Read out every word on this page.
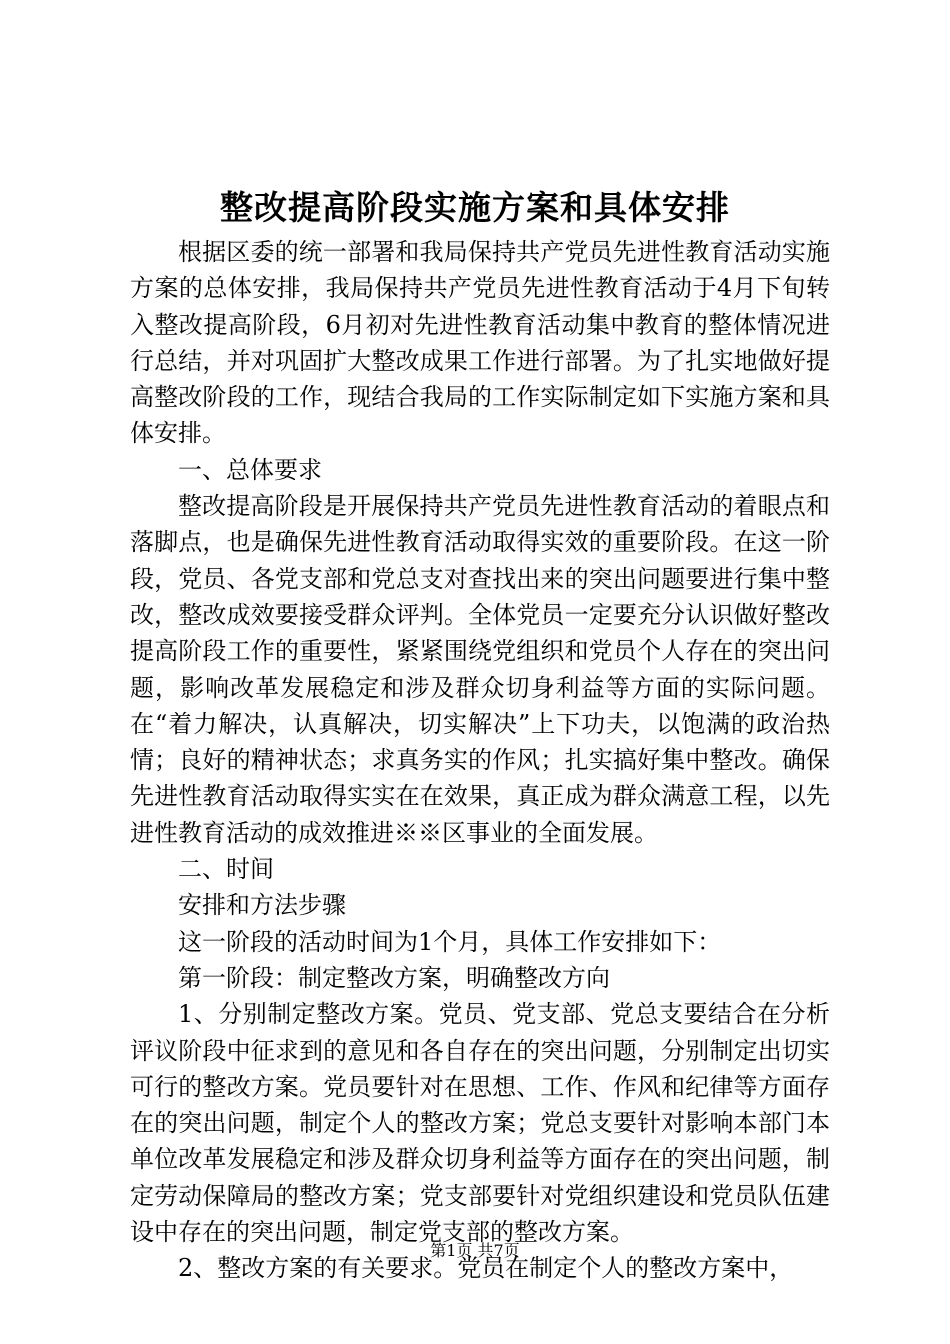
整改提高阶段实施方案和具体安排

根据区委的统一部署和我局保持共产党员先进性教育活动实施方案的总体安排，我局保持共产党员先进性教育活动于4月下旬转入整改提高阶段，6月初对先进性教育活动集中教育的整体情况进行总结，并对巩固扩大整改成果工作进行部署。为了扎实地做好提高整改阶段的工作，现结合我局的工作实际制定如下实施方案和具体安排。

一、总体要求

整改提高阶段是开展保持共产党员先进性教育活动的着眼点和落脚点，也是确保先进性教育活动取得实效的重要阶段。在这一阶段，党员、各党支部和党总支对查找出来的突出问题要进行集中整改，整改成效要接受群众评判。全体党员一定要充分认识做好整改提高阶段工作的重要性，紧紧围绕党组织和党员个人存在的突出问题，影响改革发展稳定和涉及群众切身利益等方面的实际问题。在“着力解决，认真解决，切实解决”上下功夫，以饱满的政治热情；良好的精神状态；求真务实的作风；扎实搞好集中整改。确保先进性教育活动取得实实在在效果，真正成为群众满意工程，以先进性教育活动的成效推进※※区事业的全面发展。

二、时间

安排和方法步骤

这一阶段的活动时间为1个月，具体工作安排如下：

第一阶段：制定整改方案，明确整改方向

1、分别制定整改方案。党员、党支部、党总支要结合在分析评议阶段中征求到的意见和各自存在的突出问题，分别制定出切实可行的整改方案。党员要针对在思想、工作、作风和纪律等方面存在的突出问题，制定个人的整改方案；党总支要针对影响本部门本单位改革发展稳定和涉及群众切身利益等方面存在的突出问题，制定劳动保障局的整改方案；党支部要针对党组织建设和党员队伍建设中存在的突出问题，制定党支部的整改方案。

2、整改方案的有关要求。党员在制定个人的整改方案中，

第1页 共7页
